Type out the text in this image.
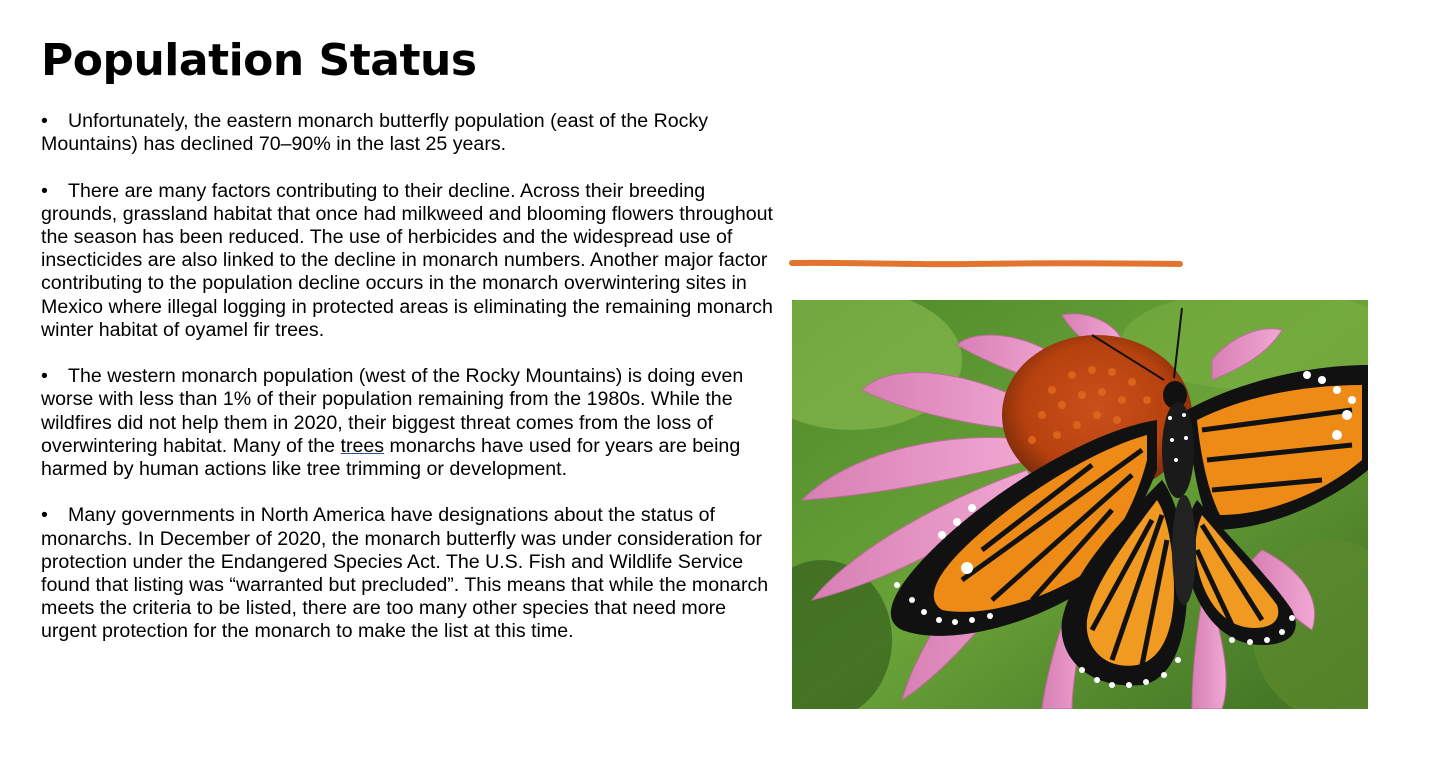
Population Status

• Unfortunately, the eastern monarch butterfly population (east of the Rocky Mountains) has declined 70–90% in the last 25 years.

• There are many factors contributing to their decline. Across their breeding grounds, grassland habitat that once had milkweed and blooming flowers throughout the season has been reduced. The use of herbicides and the widespread use of insecticides are also linked to the decline in monarch numbers. Another major factor contributing to the population decline occurs in the monarch overwintering sites in Mexico where illegal logging in protected areas is eliminating the remaining monarch winter habitat of oyamel fir trees.

• The western monarch population (west of the Rocky Mountains) is doing even worse with less than 1% of their population remaining from the 1980s. While the wildfires did not help them in 2020, their biggest threat comes from the loss of overwintering habitat. Many of the trees monarchs have used for years are being harmed by human actions like tree trimming or development.

• Many governments in North America have designations about the status of monarchs. In December of 2020, the monarch butterfly was under consideration for protection under the Endangered Species Act. The U.S. Fish and Wildlife Service found that listing was “warranted but precluded”. This means that while the monarch meets the criteria to be listed, there are too many other species that need more urgent protection for the monarch to make the list at this time.
